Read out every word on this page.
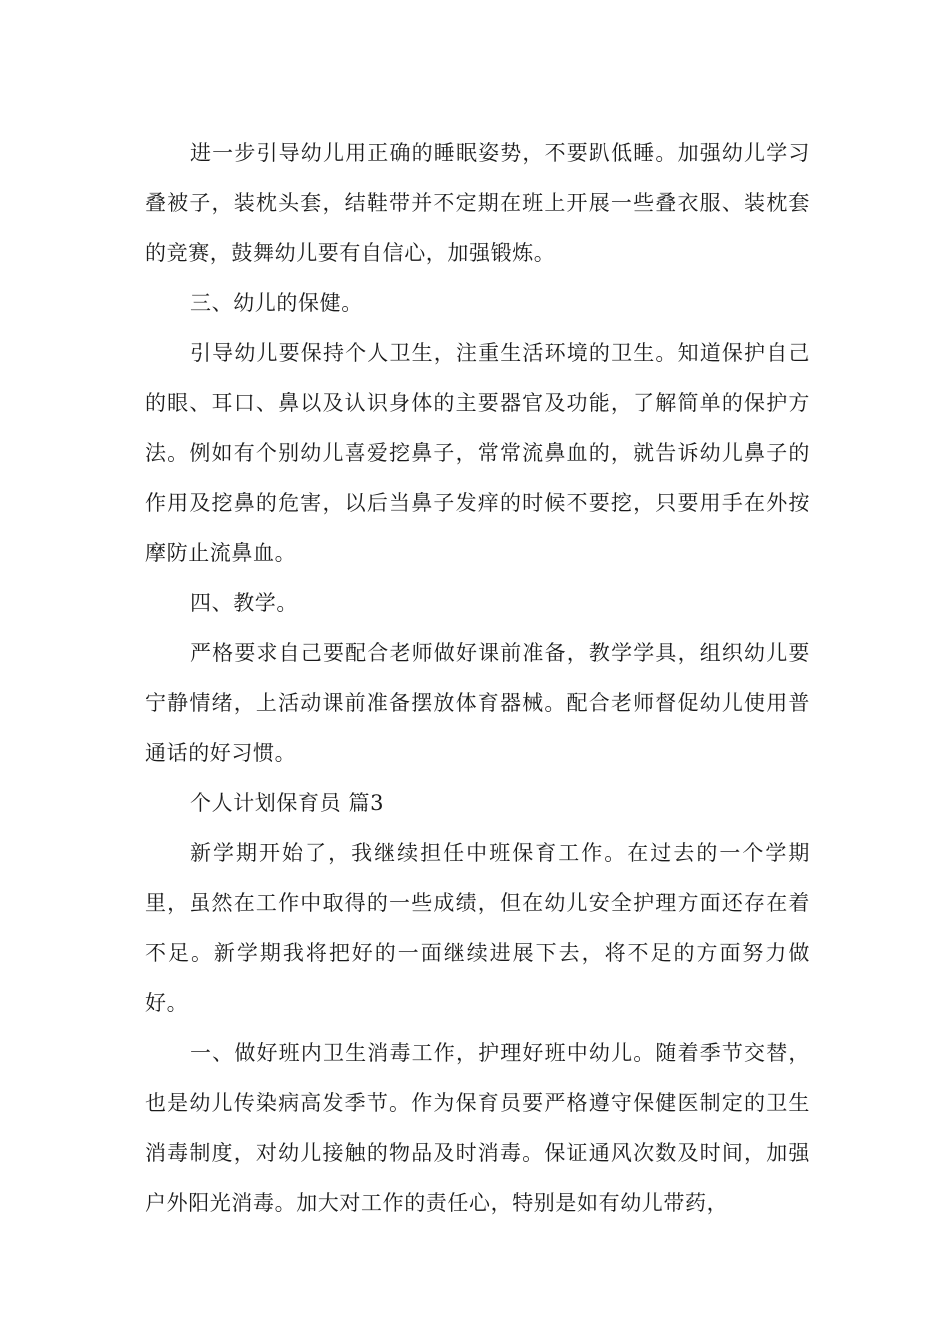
进一步引导幼儿用正确的睡眠姿势，不要趴低睡。加强幼儿学习叠被子，装枕头套，结鞋带并不定期在班上开展一些叠衣服、装枕套的竞赛，鼓舞幼儿要有自信心，加强锻炼。

三、幼儿的保健。

引导幼儿要保持个人卫生，注重生活环境的卫生。知道保护自己的眼、耳口、鼻以及认识身体的主要器官及功能，了解简单的保护方法。例如有个别幼儿喜爱挖鼻子，常常流鼻血的，就告诉幼儿鼻子的作用及挖鼻的危害，以后当鼻子发痒的时候不要挖，只要用手在外按摩防止流鼻血。

四、教学。

严格要求自己要配合老师做好课前准备，教学学具，组织幼儿要宁静情绪，上活动课前准备摆放体育器械。配合老师督促幼儿使用普通话的好习惯。

个人计划保育员 篇3

新学期开始了，我继续担任中班保育工作。在过去的一个学期里，虽然在工作中取得的一些成绩，但在幼儿安全护理方面还存在着不足。新学期我将把好的一面继续进展下去，将不足的方面努力做好。

一、做好班内卫生消毒工作，护理好班中幼儿。随着季节交替，也是幼儿传染病高发季节。作为保育员要严格遵守保健医制定的卫生消毒制度，对幼儿接触的物品及时消毒。保证通风次数及时间，加强户外阳光消毒。加大对工作的责任心，特别是如有幼儿带药，
